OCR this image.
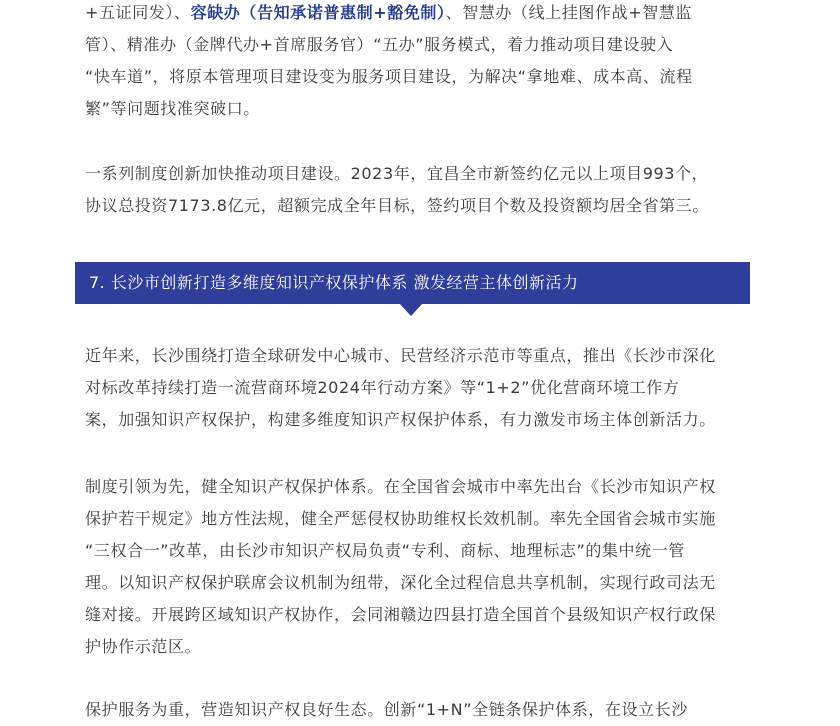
+五证同发）、容缺办（告知承诺普惠制+豁免制）、智慧办（线上挂图作战+智慧监

管）、精准办（金牌代办+首席服务官）“五办”服务模式，着力推动项目建设驶入

“快车道”，将原本管理项目建设变为服务项目建设，为解决“拿地难、成本高、流程

繁”等问题找准突破口。

一系列制度创新加快推动项目建设。2023年，宜昌全市新签约亿元以上项目993个，

协议总投资7173.8亿元，超额完成全年目标，签约项目个数及投资额均居全省第三。

近年来，长沙围绕打造全球研发中心城市、民营经济示范市等重点，推出《长沙市深化

对标改革持续打造一流营商环境2024年行动方案》等“1+2”优化营商环境工作方

案，加强知识产权保护，构建多维度知识产权保护体系，有力激发市场主体创新活力。

制度引领为先，健全知识产权保护体系。在全国省会城市中率先出台《长沙市知识产权

保护若干规定》地方性法规，健全严惩侵权协助维权长效机制。率先全国省会城市实施

“三权合一”改革，由长沙市知识产权局负责“专利、商标、地理标志”的集中统一管

理。以知识产权保护联席会议机制为纽带，深化全过程信息共享机制，实现行政司法无

缝对接。开展跨区域知识产权协作，会同湘赣边四县打造全国首个县级知识产权行政保

护协作示范区。

保护服务为重，营造知识产权良好生态。创新“1+N”全链条保护体系，在设立长沙

7. 长沙市创新打造多维度知识产权保护体系 激发经营主体创新活力
